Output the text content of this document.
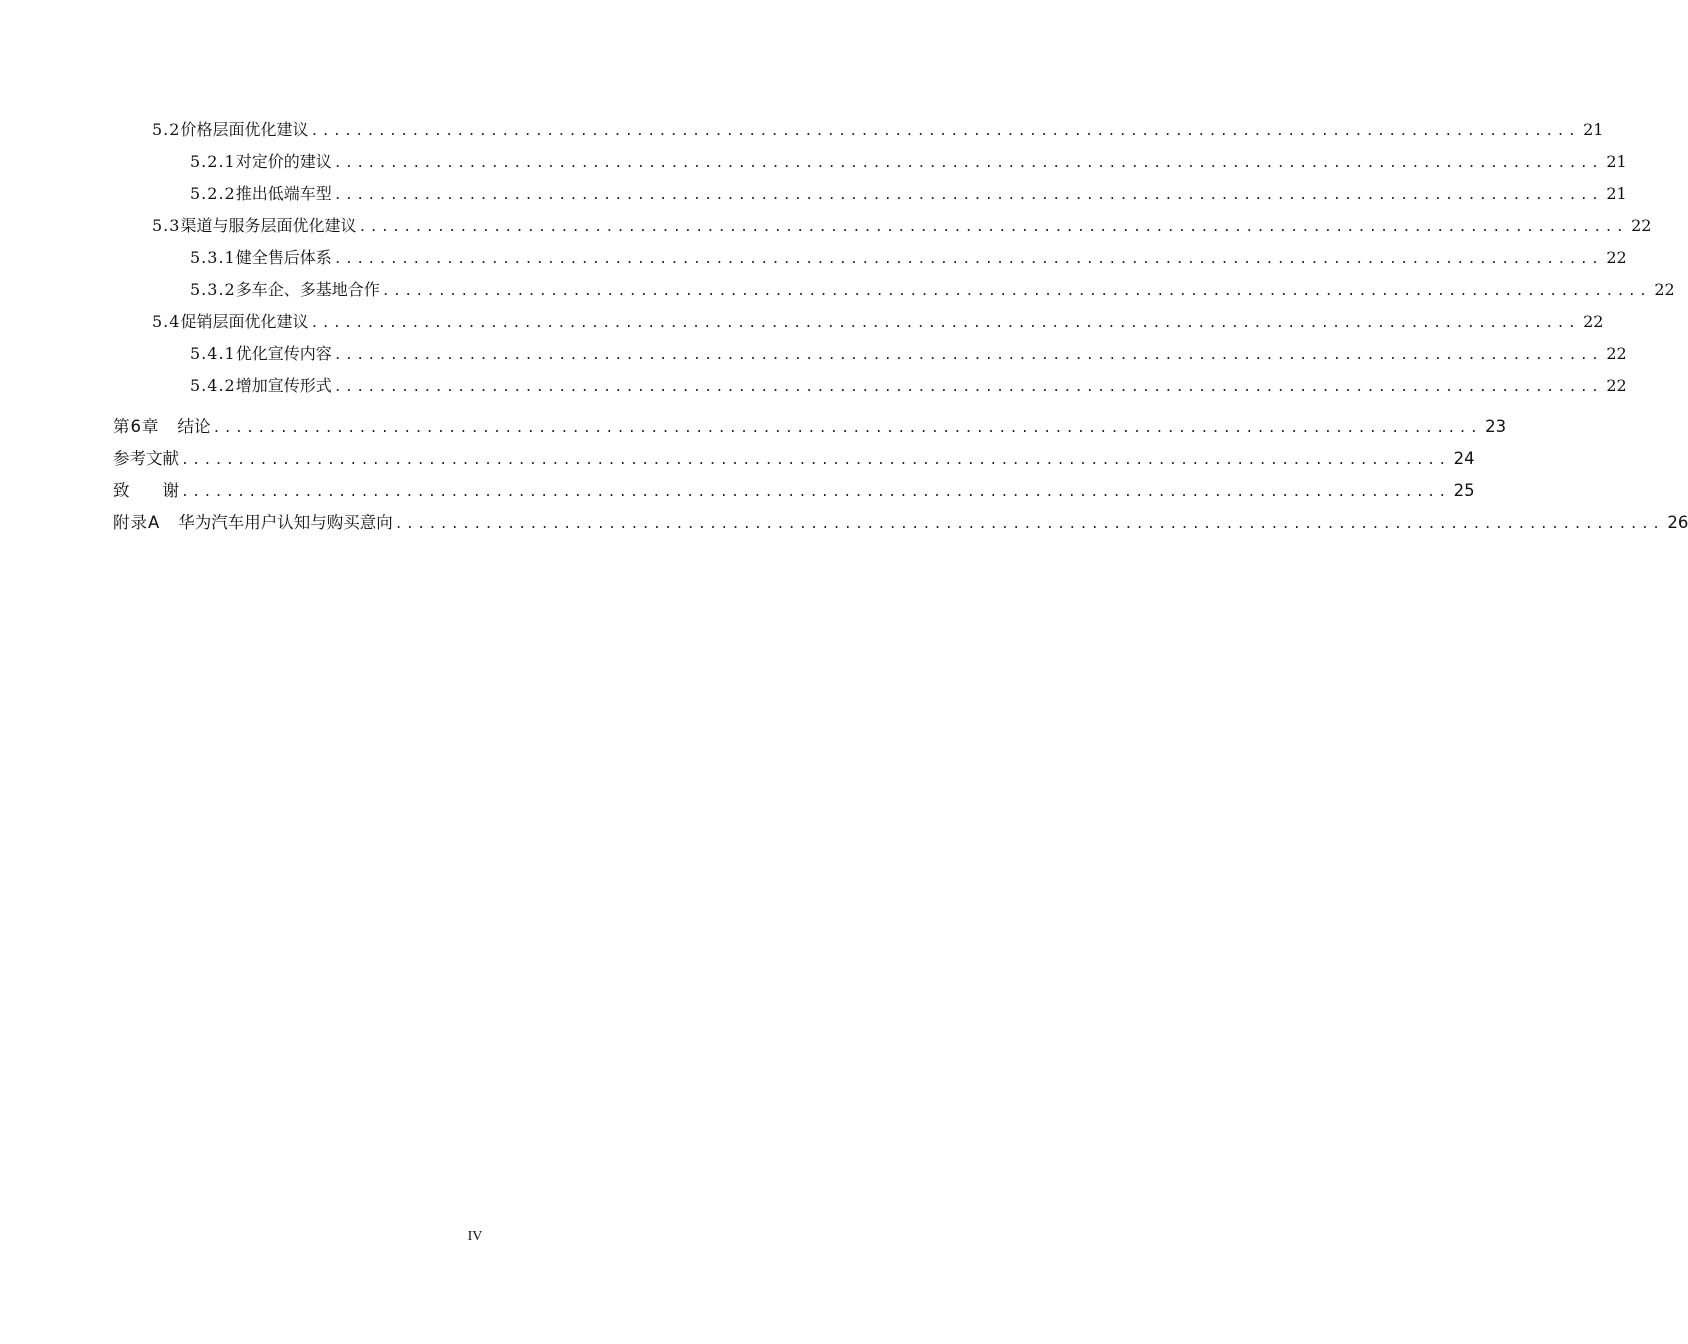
5.2 价格层面优化建议 ................................................................................................................. 21
5.2.1 对定价的建议 ................................................................................................................. 21
5.2.2 推出低端车型 ................................................................................................................. 21
5.3 渠道与服务层面优化建议 ................................................................................................................. 22
5.3.1 健全售后体系 ................................................................................................................. 22
5.3.2 多车企、多基地合作 ................................................................................................................. 22
5.4 促销层面优化建议 ................................................................................................................. 22
5.4.1 优化宣传内容 ................................................................................................................. 22
5.4.2 增加宣传形式 ................................................................................................................. 22
第6章 结论 ................................................................................................................. 23
参考文献 ................................................................................................................. 24
致　　谢 ................................................................................................................. 25
附录A 华为汽车用户认知与购买意向 ................................................................................................................. 26
IV
